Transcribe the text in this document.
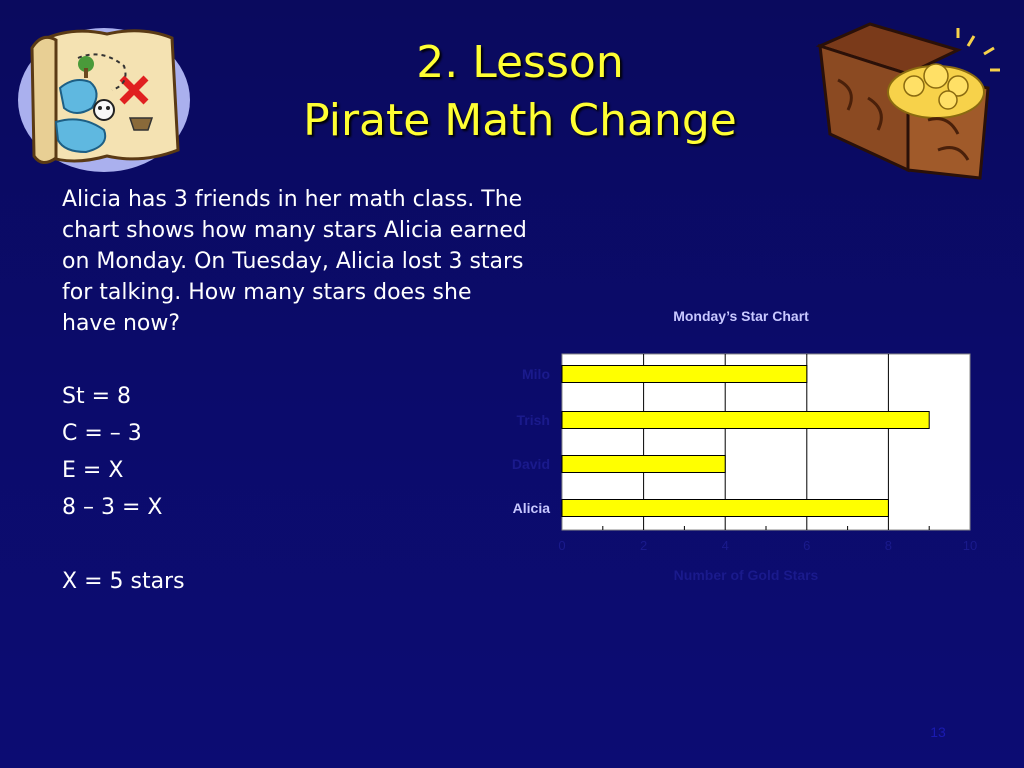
2. Lesson
Pirate Math Change
Alicia has 3 friends in her math class. The chart shows how many stars Alicia earned on Monday. On Tuesday, Alicia lost 3 stars for talking. How many stars does she have now?
St = 8
C = – 3
E = X
8 – 3 = X
X = 5 stars
Monday’s Star Chart
Milo
Trish
David
Alicia
0	2	4	6	8	10
Number of Gold Stars
13
